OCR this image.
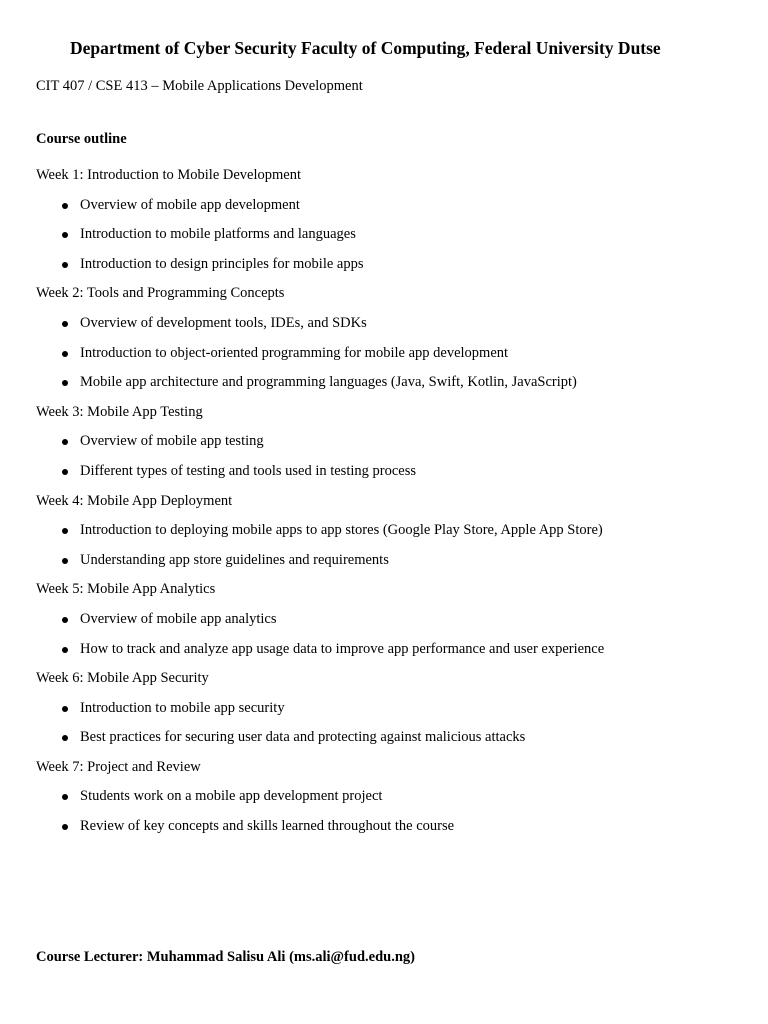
Department of Cyber Security Faculty of Computing, Federal University Dutse

CIT 407 / CSE 413 – Mobile Applications Development

Course outline

Week 1: Introduction to Mobile Development
Overview of mobile app development
Introduction to mobile platforms and languages
Introduction to design principles for mobile apps
Week 2: Tools and Programming Concepts
Overview of development tools, IDEs, and SDKs
Introduction to object-oriented programming for mobile app development
Mobile app architecture and programming languages (Java, Swift, Kotlin, JavaScript)
Week 3: Mobile App Testing
Overview of mobile app testing
Different types of testing and tools used in testing process
Week 4: Mobile App Deployment
Introduction to deploying mobile apps to app stores (Google Play Store, Apple App Store)
Understanding app store guidelines and requirements
Week 5: Mobile App Analytics
Overview of mobile app analytics
How to track and analyze app usage data to improve app performance and user experience
Week 6: Mobile App Security
Introduction to mobile app security
Best practices for securing user data and protecting against malicious attacks
Week 7: Project and Review
Students work on a mobile app development project
Review of key concepts and skills learned throughout the course

Course Lecturer: Muhammad Salisu Ali (ms.ali@fud.edu.ng)
